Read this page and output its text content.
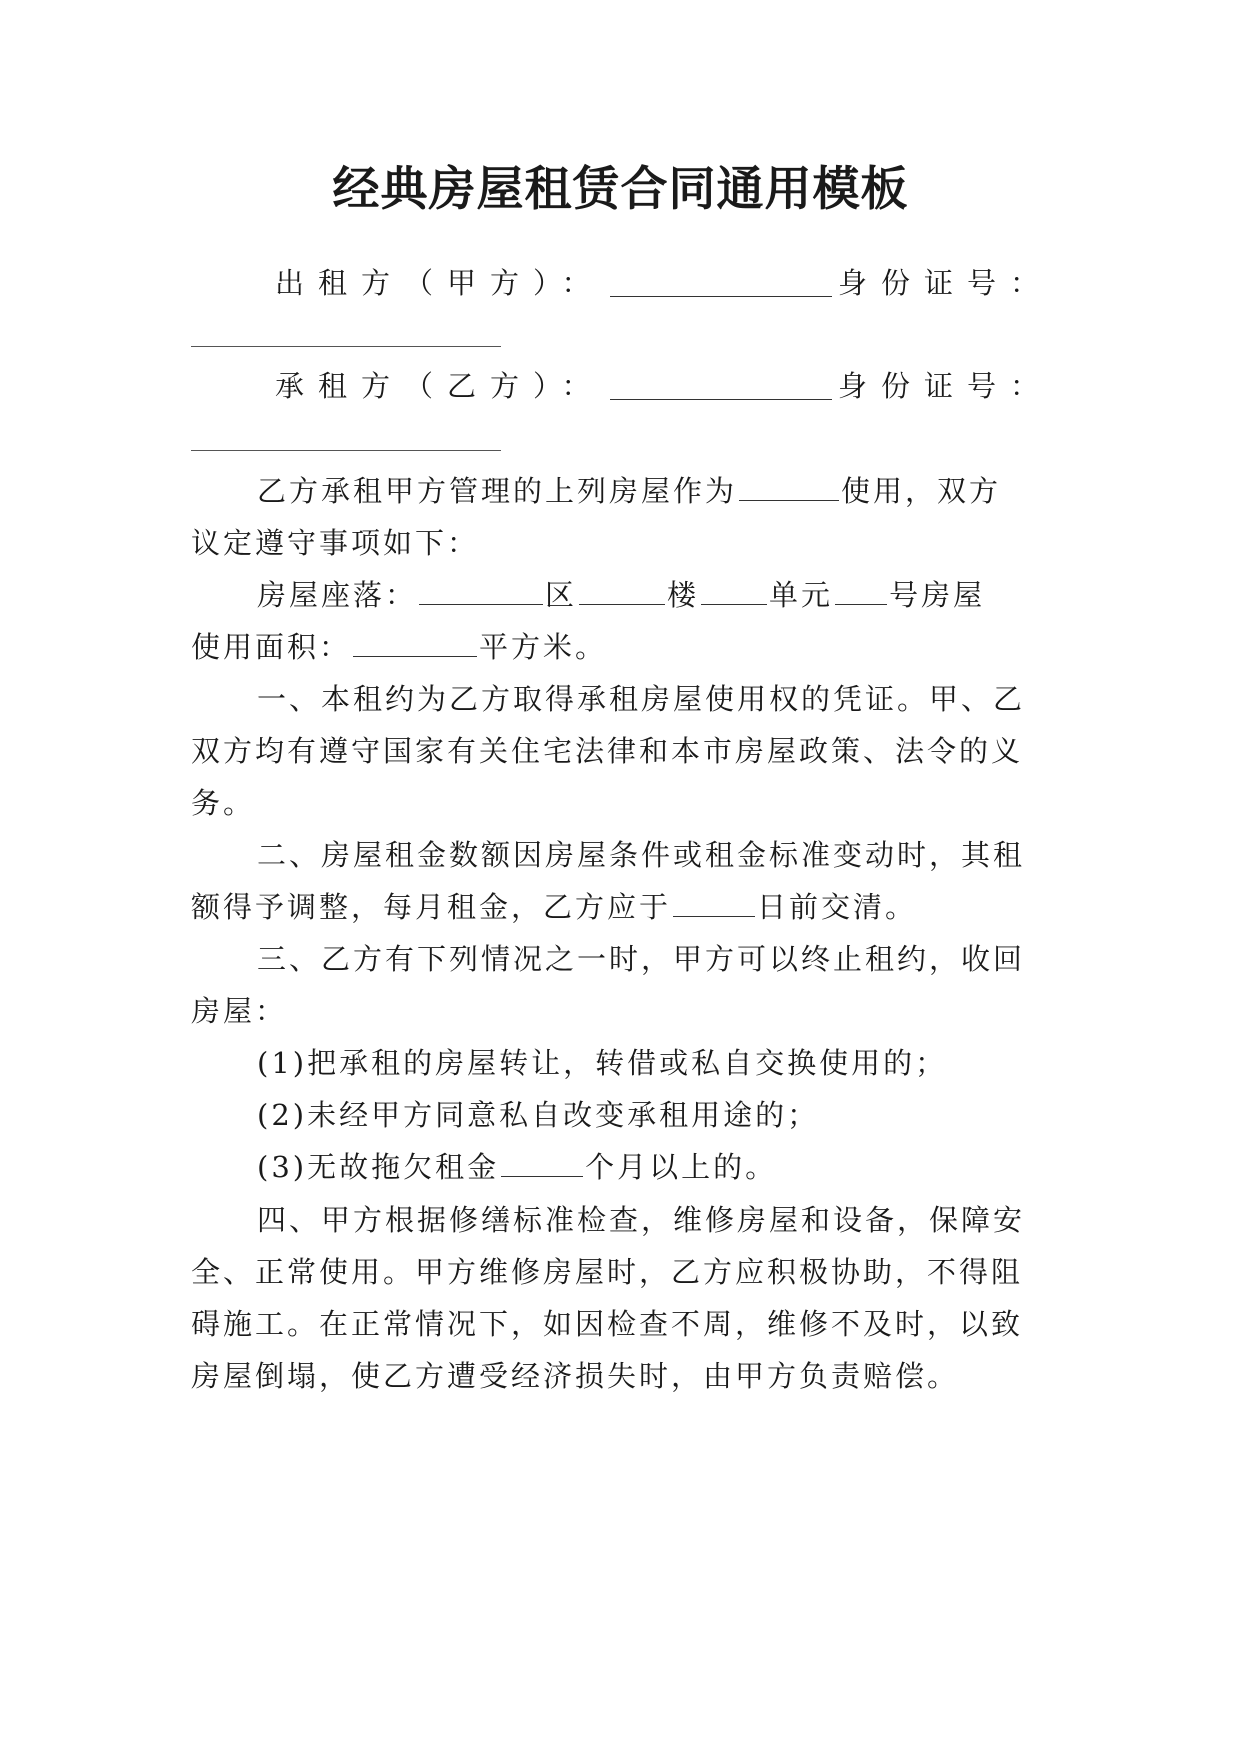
经典房屋租赁合同通用模板
出租方（甲方）：	身份证号：
承租方（乙方）：	身份证号：
乙方承租甲方管理的上列房屋作为	使用，双方
议定遵守事项如下：
房屋座落：	区	楼 单元 号房屋
使用面积：	平方米。
一、本租约为乙方取得承租房屋使用权的凭证。甲、乙
双方均有遵守国家有关住宅法律和本市房屋政策、法令的义
务。
二、房屋租金数额因房屋条件或租金标准变动时，其租
额得予调整，每月租金，乙方应于	日前交清。
三、乙方有下列情况之一时，甲方可以终止租约，收回
房屋：
(1)把承租的房屋转让，转借或私自交换使用的；
(2)未经甲方同意私自改变承租用途的；
(3)无故拖欠租金	个月以上的。
四、甲方根据修缮标准检查，维修房屋和设备，保障安
全、正常使用。甲方维修房屋时，乙方应积极协助，不得阻
碍施工。在正常情况下，如因检查不周，维修不及时，以致
房屋倒塌，使乙方遭受经济损失时，由甲方负责赔偿。
